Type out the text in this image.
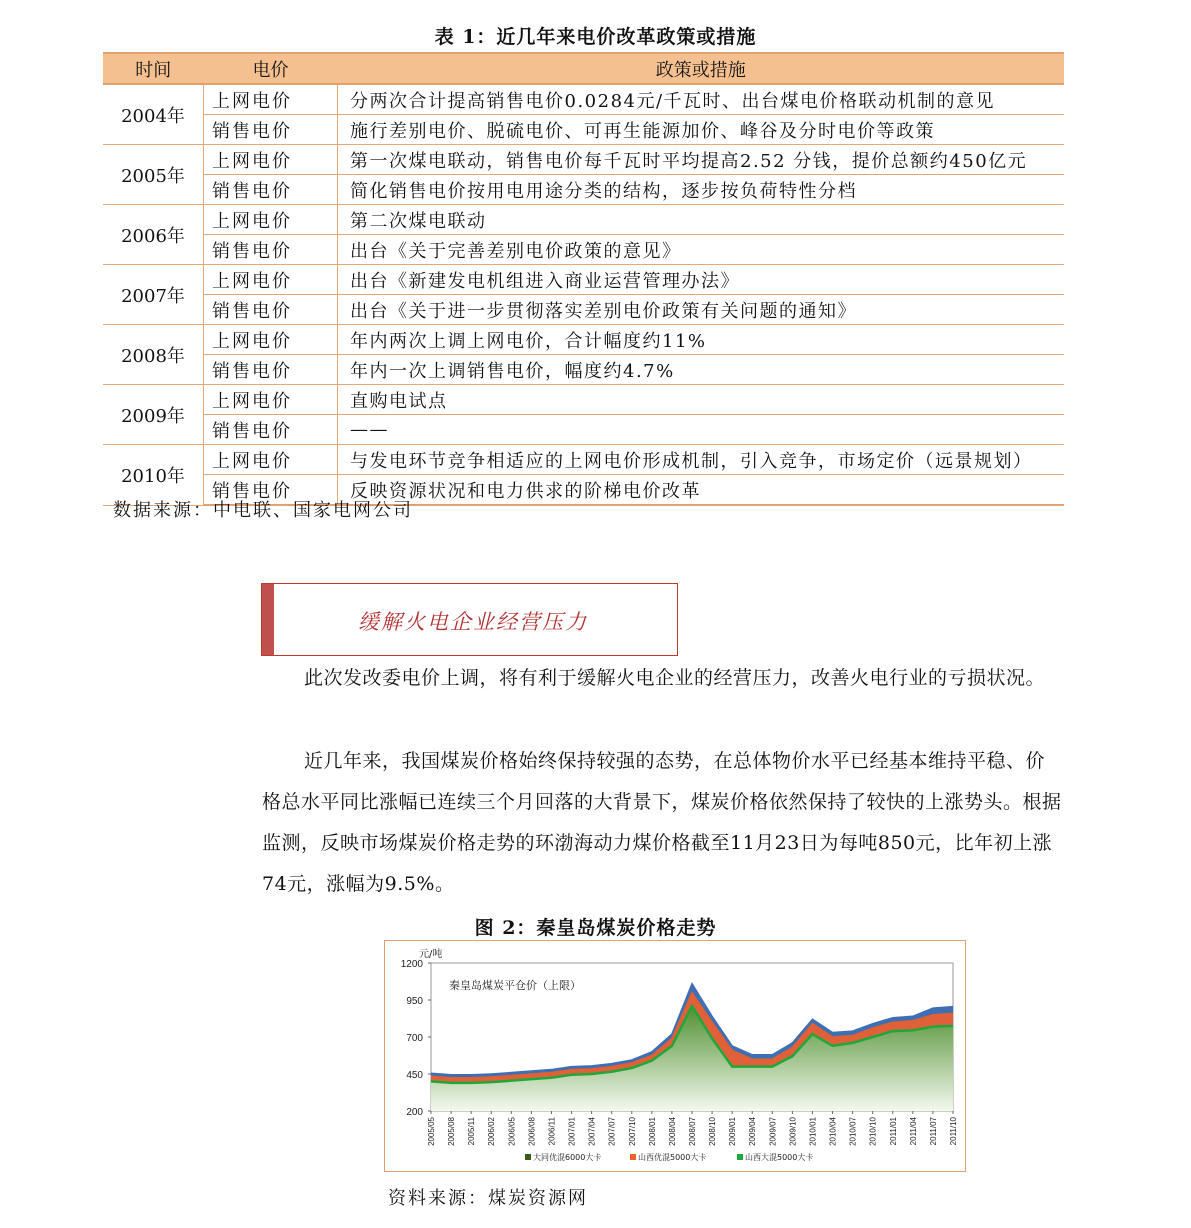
表 1：近几年来电价改革政策或措施
时间	电价	政策或措施
2004年	上网电价	分两次合计提高销售电价0.0284元/千瓦时、出台煤电价格联动机制的意见
	销售电价	施行差别电价、脱硫电价、可再生能源加价、峰谷及分时电价等政策
2005年	上网电价	第一次煤电联动，销售电价每千瓦时平均提高2.52 分钱，提价总额约450亿元
	销售电价	简化销售电价按用电用途分类的结构，逐步按负荷特性分档
2006年	上网电价	第二次煤电联动
	销售电价	出台《关于完善差别电价政策的意见》
2007年	上网电价	出台《新建发电机组进入商业运营管理办法》
	销售电价	出台《关于进一步贯彻落实差别电价政策有关问题的通知》
2008年	上网电价	年内两次上调上网电价，合计幅度约11%
	销售电价	年内一次上调销售电价，幅度约4.7%
2009年	上网电价	直购电试点
	销售电价	——
2010年	上网电价	与发电环节竞争相适应的上网电价形成机制，引入竞争，市场定价（远景规划）
	销售电价	反映资源状况和电力供求的阶梯电价改革
数据来源：中电联、国家电网公司
缓解火电企业经营压力
此次发改委电价上调，将有利于缓解火电企业的经营压力，改善火电行业的亏损状况。
近几年来，我国煤炭价格始终保持较强的态势，在总体物价水平已经基本维持平稳、价格总水平同比涨幅已连续三个月回落的大背景下，煤炭价格依然保持了较快的上涨势头。根据监测，反映市场煤炭价格走势的环渤海动力煤价格截至11月23日为每吨850元，比年初上涨74元，涨幅为9.5%。
图 2：秦皇岛煤炭价格走势
200
450
700
950
1200
元/吨
秦皇岛煤炭平仓价（上限）
2005/05 2005/08 2005/11 2006/02 2006/05 2006/08 2006/11 2007/01 2007/04 2007/07 2007/10 2008/01 2008/04 2008/07 2008/10 2009/01 2009/04 2009/07 2009/10 2010/01 2010/04 2010/07 2010/10 2011/01 2011/04 2011/07 2011/10
大同优混6000大卡	山西优混5000大卡	山西大混5000大卡
资料来源：煤炭资源网
